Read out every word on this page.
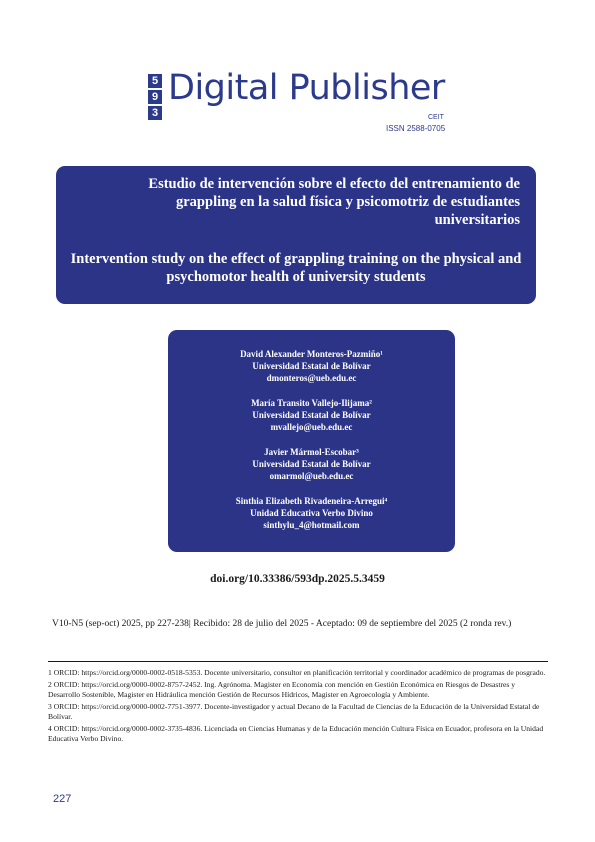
5
9
3
Digital Publisher
CEIT
ISSN 2588-0705
Estudio de intervención sobre el efecto del entrenamiento de grappling en la salud física y psicomotriz de estudiantes universitarios
Intervention study on the effect of grappling training on the physical and psychomotor health of university students
David Alexander Monteros-Pazmiño¹
Universidad Estatal de Bolívar
dmonteros@ueb.edu.ec
María Transito Vallejo-Ilijama²
Universidad Estatal de Bolívar
mvallejo@ueb.edu.ec
Javier Mármol-Escobar³
Universidad Estatal de Bolívar
omarmol@ueb.edu.ec
Sinthia Elizabeth Rivadeneira-Arregui⁴
Unidad Educativa Verbo Divino
sinthylu_4@hotmail.com
doi.org/10.33386/593dp.2025.5.3459
V10-N5 (sep-oct) 2025, pp 227-238| Recibido: 28 de julio del 2025 - Aceptado: 09 de septiembre del 2025 (2 ronda rev.)

1 ORCID: https://orcid.org/0000-0002-0518-5353. Docente universitario, consultor en planificación territorial y coordinador académico de programas de posgrado.

2 ORCID: https://orcid.org/0000-0002-8757-2452. Ing. Agrónoma. Magister en Economía con mención en Gestión Económica en Riesgos de Desastres y Desarrollo Sostenible, Magister en Hidráulica mención Gestión de Recursos Hídricos, Magister en Agroecología y Ambiente.

3 ORCID: https://orcid.org/0000-0002-7751-3977. Docente-investigador y actual Decano de la Facultad de Ciencias de la Educación de la Universidad Estatal de Bolívar.

4 ORCID: https://orcid.org/0000-0002-3735-4836. Licenciada en Ciencias Humanas y de la Educación mención Cultura Física en Ecuador, profesora en la Unidad Educativa Verbo Divino.

227
